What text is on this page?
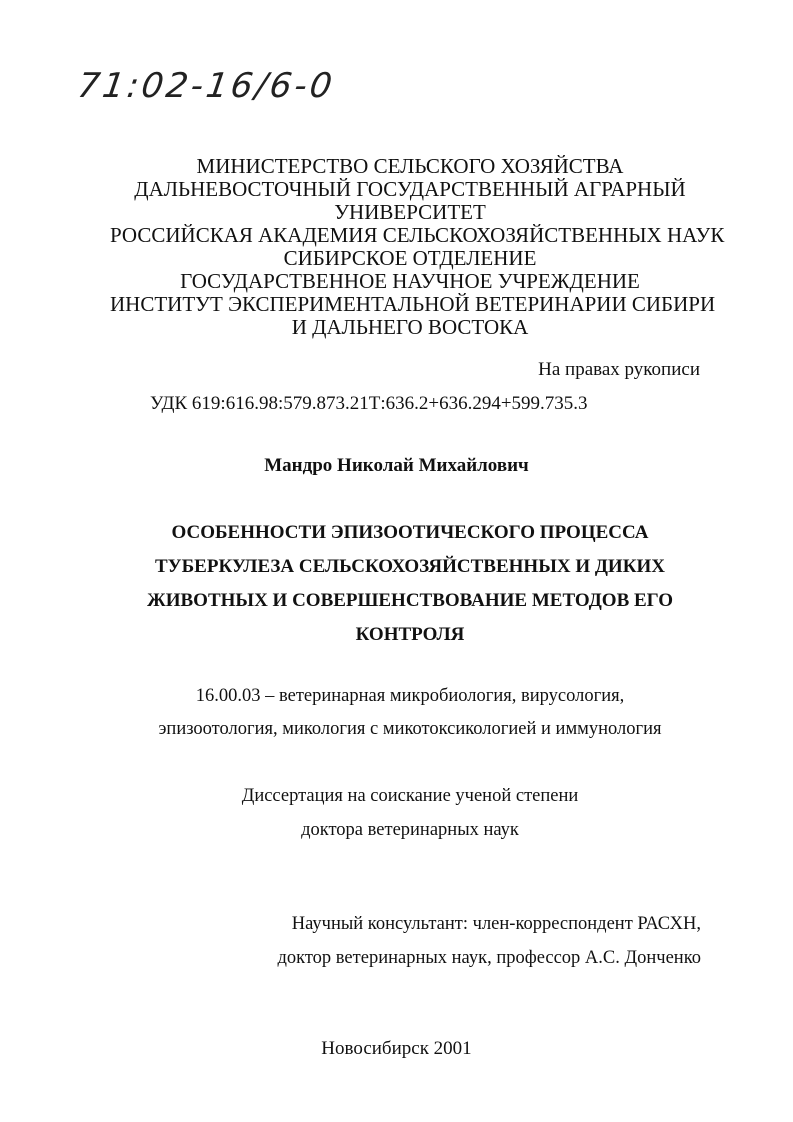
71:02-16/6-0
МИНИСТЕРСТВО СЕЛЬСКОГО ХОЗЯЙСТВА
ДАЛЬНЕВОСТОЧНЫЙ ГОСУДАРСТВЕННЫЙ АГРАРНЫЙ
УНИВЕРСИТЕТ
РОССИЙСКАЯ АКАДЕМИЯ СЕЛЬСКОХОЗЯЙСТВЕННЫХ НАУК
СИБИРСКОЕ ОТДЕЛЕНИЕ
ГОСУДАРСТВЕННОЕ НАУЧНОЕ УЧРЕЖДЕНИЕ
ИНСТИТУТ ЭКСПЕРИМЕНТАЛЬНОЙ ВЕТЕРИНАРИИ СИБИРИ
И ДАЛЬНЕГО ВОСТОКА
На правах рукописи
УДК 619:616.98:579.873.21Т:636.2+636.294+599.735.3
Мандро Николай Михайлович
ОСОБЕННОСТИ ЭПИЗООТИЧЕСКОГО ПРОЦЕССА
ТУБЕРКУЛЕЗА СЕЛЬСКОХОЗЯЙСТВЕННЫХ И ДИКИХ
ЖИВОТНЫХ И СОВЕРШЕНСТВОВАНИЕ МЕТОДОВ ЕГО
КОНТРОЛЯ
16.00.03 – ветеринарная микробиология, вирусология,
эпизоотология, микология с микотоксикологией и иммунология
Диссертация на соискание ученой степени
доктора ветеринарных наук
Научный консультант: член-корреспондент РАСХН,
доктор ветеринарных наук, профессор А.С. Донченко
Новосибирск 2001
